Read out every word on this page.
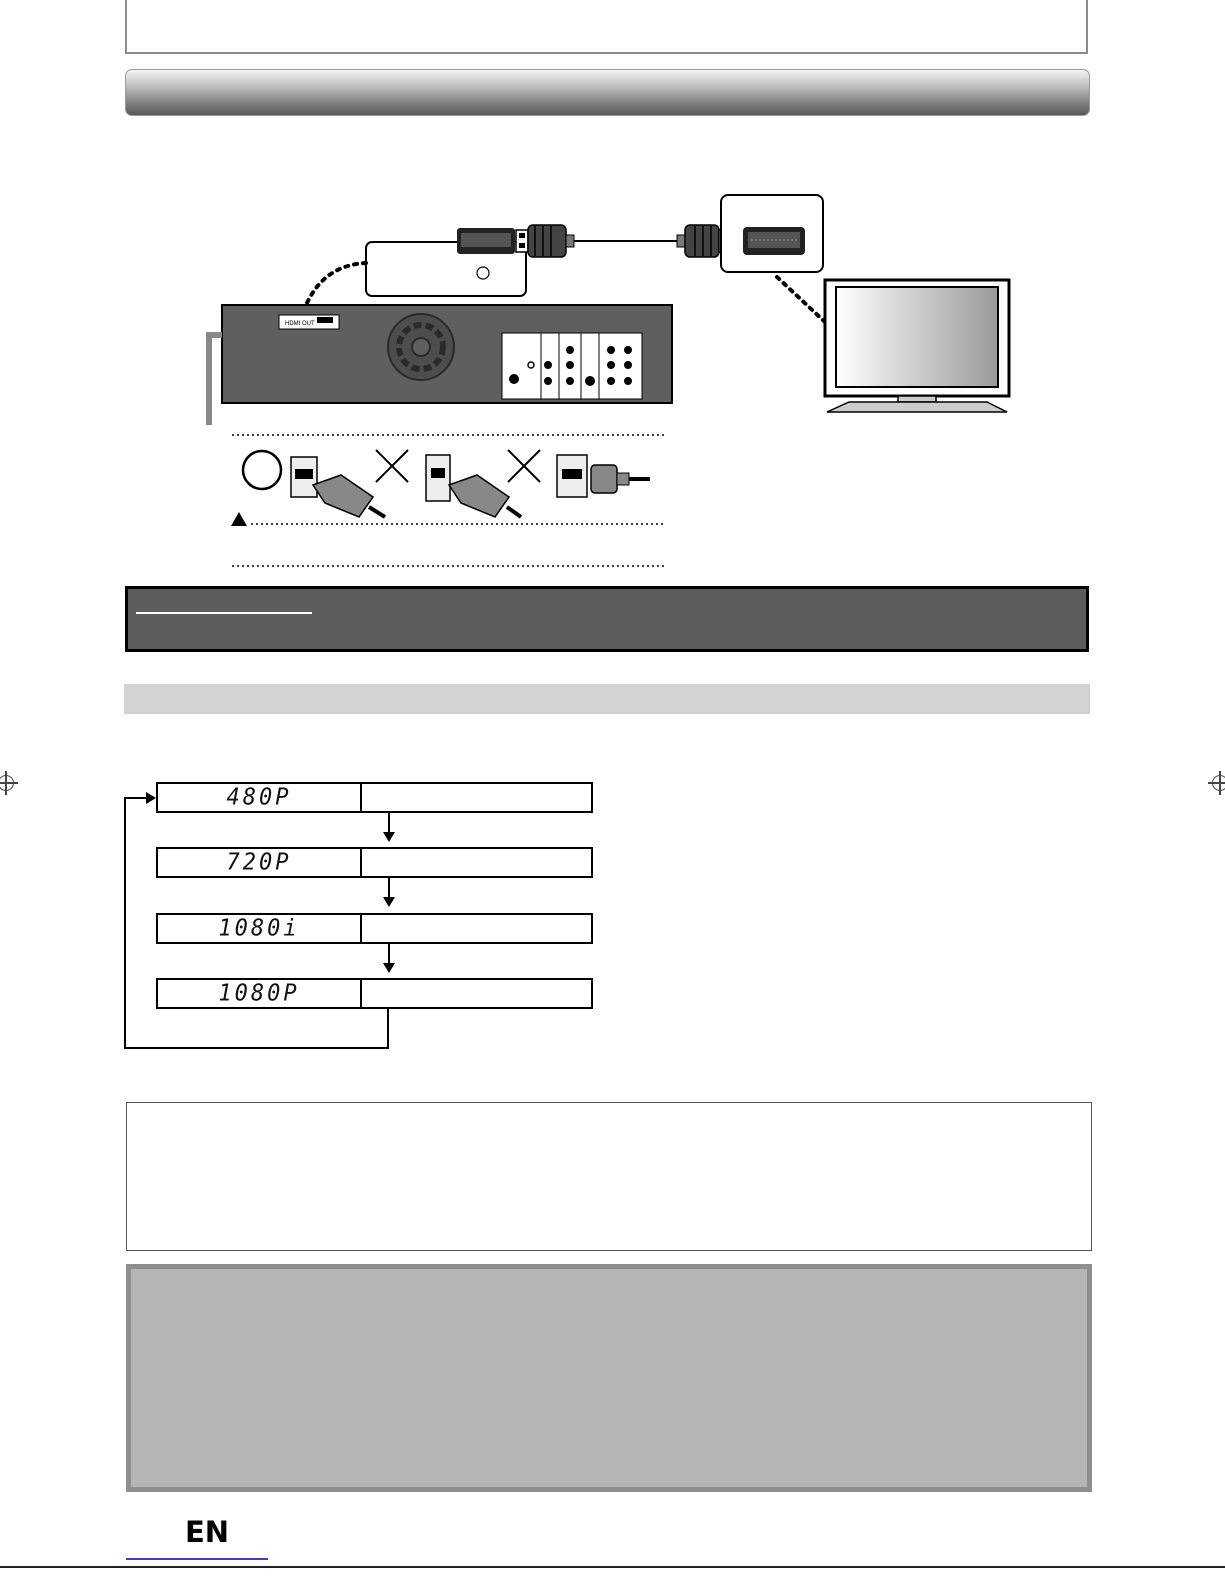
HDMI OUT
480P
720P
1080i
1080P
EN
